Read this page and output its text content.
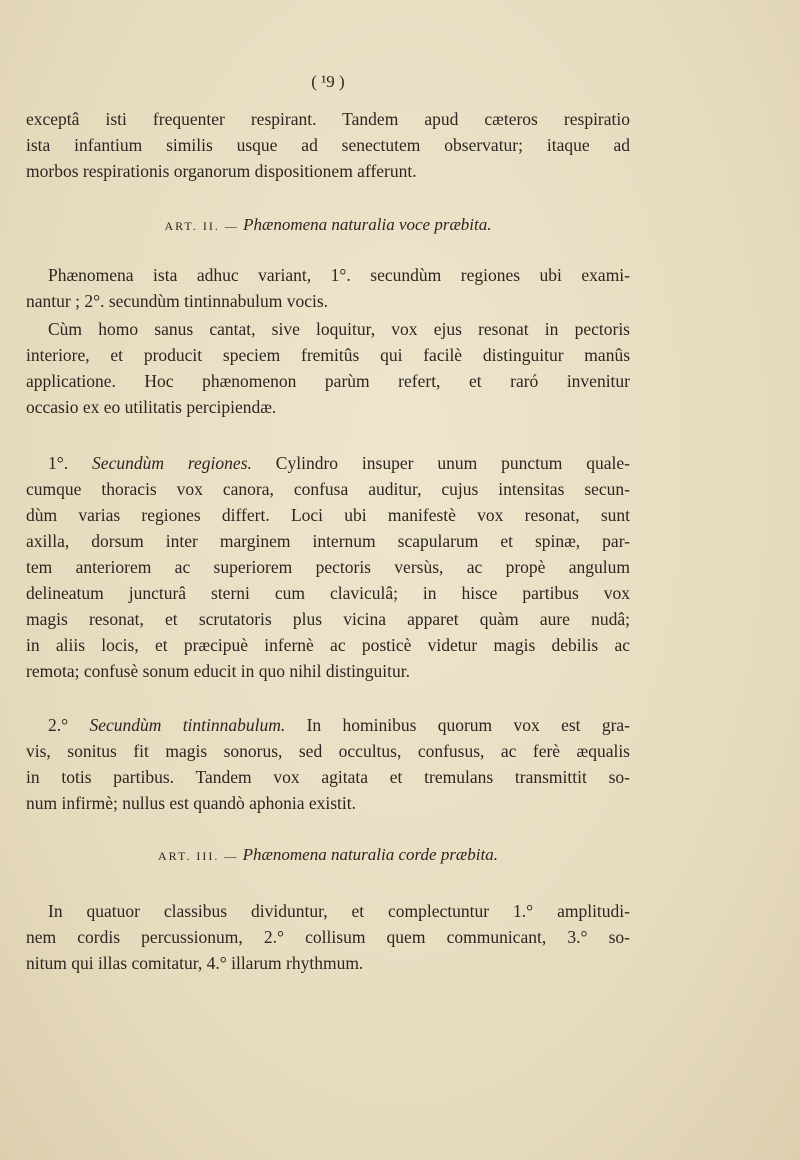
( ¹9 )
exceptâ isti frequenter respirant. Tandem apud cæteros respiratio
ista infantium similis usque ad senectutem observatur; itaque ad
morbos respirationis organorum dispositionem afferunt.
ART. II. — Phænomena naturalia voce præbita.
Phænomena ista adhuc variant, 1°. secundùm regiones ubi exami-
nantur ; 2°. secundùm tintinnabulum vocis.
Cùm homo sanus cantat, sive loquitur, vox ejus resonat in pectoris
interiore, et producit speciem fremitûs qui facilè distinguitur manûs
applicatione. Hoc phænomenon parùm refert, et raró invenitur
occasio ex eo utilitatis percipiendæ.
1°. Secundùm regiones. Cylindro insuper unum punctum quale-
cumque thoracis vox canora, confusa auditur, cujus intensitas secun-
dùm varias regiones differt. Loci ubi manifestè vox resonat, sunt
axilla, dorsum inter marginem internum scapularum et spinæ, par-
tem anteriorem ac superiorem pectoris versùs, ac propè angulum
delineatum juncturâ sterni cum claviculâ; in hisce partibus vox
magis resonat, et scrutatoris plus vicina apparet quàm aure nudâ;
in aliis locis, et præcipuè infernè ac posticè videtur magis debilis ac
remota; confusè sonum educit in quo nihil distinguitur.
2.° Secundùm tintinnabulum. In hominibus quorum vox est gra-
vis, sonitus fit magis sonorus, sed occultus, confusus, ac ferè æqualis
in totis partibus. Tandem vox agitata et tremulans transmittit so-
num infirmè; nullus est quandò aphonia existit.
ART. III. — Phænomena naturalia corde præbita.
In quatuor classibus dividuntur, et complectuntur 1.° amplitudi-
nem cordis percussionum, 2.° collisum quem communicant, 3.° so-
nitum qui illas comitatur, 4.° illarum rhythmum.
